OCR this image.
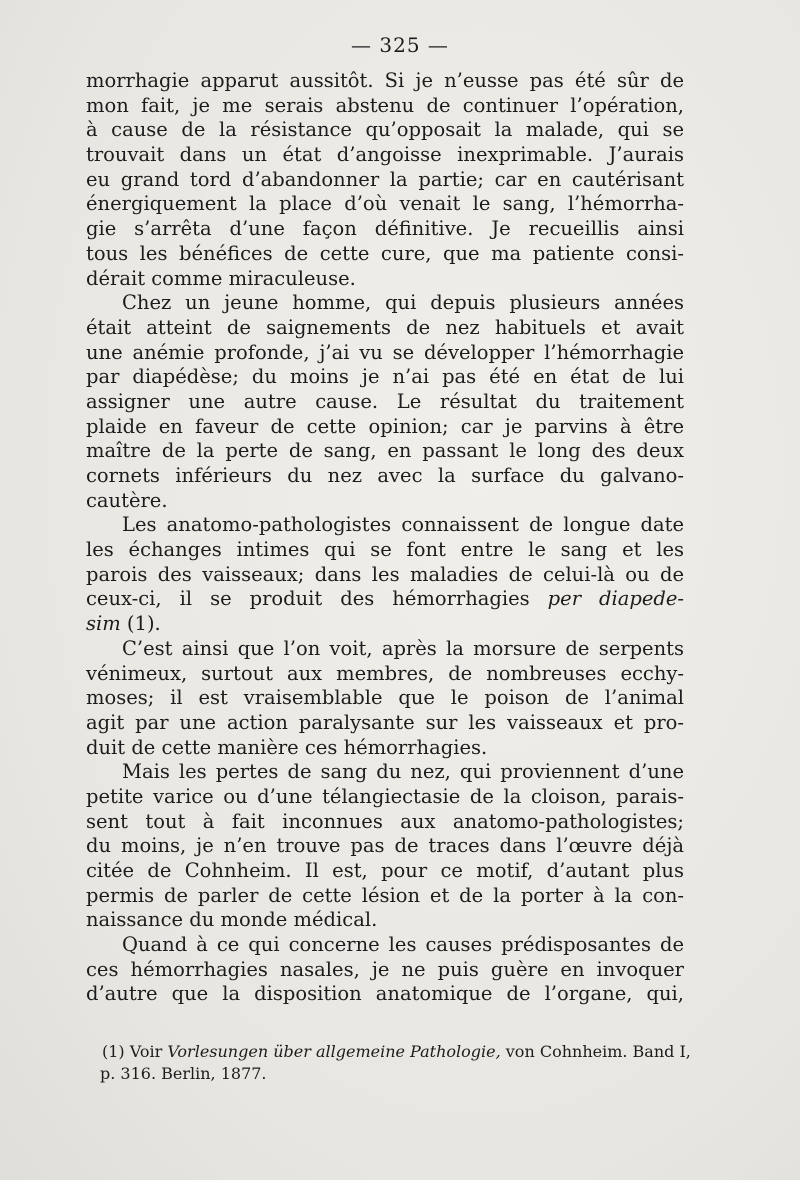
— 325 —
morrhagie apparut aussitôt. Si je n’eusse pas été sûr de
mon fait, je me serais abstenu de continuer l’opération,
à cause de la résistance qu’opposait la malade, qui se
trouvait dans un état d’angoisse inexprimable. J’aurais
eu grand tord d’abandonner la partie; car en cautérisant
énergiquement la place d’où venait le sang, l’hémorrha-
gie s’arrêta d’une façon définitive. Je recueillis ainsi
tous les bénéfices de cette cure, que ma patiente consi-
dérait comme miraculeuse.
Chez un jeune homme, qui depuis plusieurs années
était atteint de saignements de nez habituels et avait
une anémie profonde, j’ai vu se développer l’hémorrhagie
par diapédèse; du moins je n’ai pas été en état de lui
assigner une autre cause. Le résultat du traitement
plaide en faveur de cette opinion; car je parvins à être
maître de la perte de sang, en passant le long des deux
cornets inférieurs du nez avec la surface du galvano-
cautère.
Les anatomo-pathologistes connaissent de longue date
les échanges intimes qui se font entre le sang et les
parois des vaisseaux; dans les maladies de celui-là ou de
ceux-ci, il se produit des hémorrhagies per diapede-
sim (1).
C’est ainsi que l’on voit, après la morsure de serpents
vénimeux, surtout aux membres, de nombreuses ecchy-
moses; il est vraisemblable que le poison de l’animal
agit par une action paralysante sur les vaisseaux et pro-
duit de cette manière ces hémorrhagies.
Mais les pertes de sang du nez, qui proviennent d’une
petite varice ou d’une télangiectasie de la cloison, parais-
sent tout à fait inconnues aux anatomo-pathologistes;
du moins, je n’en trouve pas de traces dans l’œuvre déjà
citée de Cohnheim. Il est, pour ce motif, d’autant plus
permis de parler de cette lésion et de la porter à la con-
naissance du monde médical.
Quand à ce qui concerne les causes prédisposantes de
ces hémorrhagies nasales, je ne puis guère en invoquer
d’autre que la disposition anatomique de l’organe, qui,
(1) Voir Vorlesungen über allgemeine Pathologie, von Cohnheim. Band I,
p. 316. Berlin, 1877.
